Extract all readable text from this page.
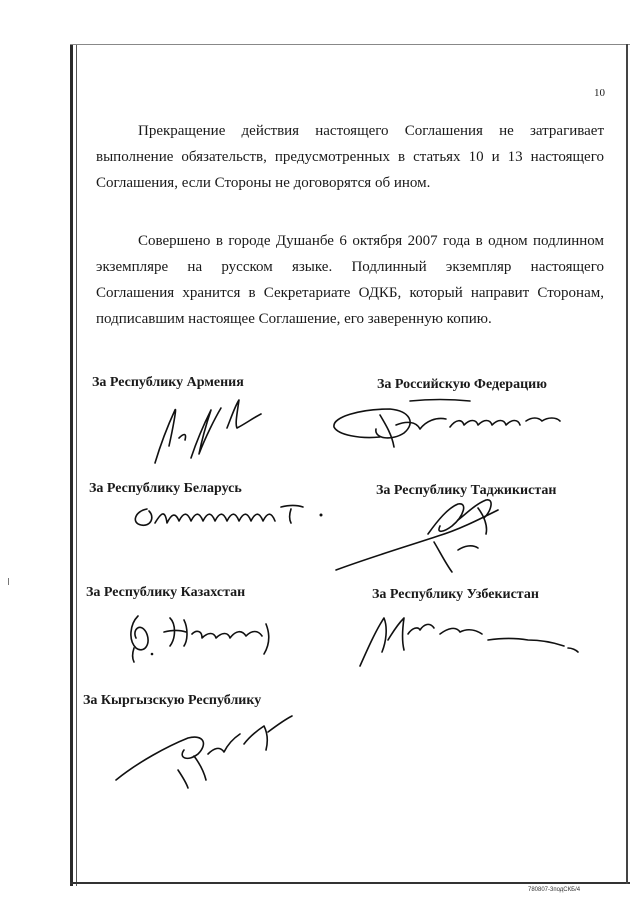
10
Прекращение действия настоящего Соглашения не затрагивает
выполнение обязательств, предусмотренных в статьях 10 и 13 настоящего
Соглашения, если Стороны не договорятся об ином.
Совершено в городе Душанбе 6 октября 2007 года в одном подлинном
экземпляре на русском языке. Подлинный экземпляр настоящего
Соглашения хранится в Секретариате ОДКБ, который направит Сторонам,
подписавшим настоящее Соглашение, его заверенную копию.
За Республику Армения	За Российскую Федерацию
За Республику Беларусь	За Республику Таджикистан
За Республику Казахстан	За Республику Узбекистан
За Кыргызскую Республику
780807-3подСКБ/4
